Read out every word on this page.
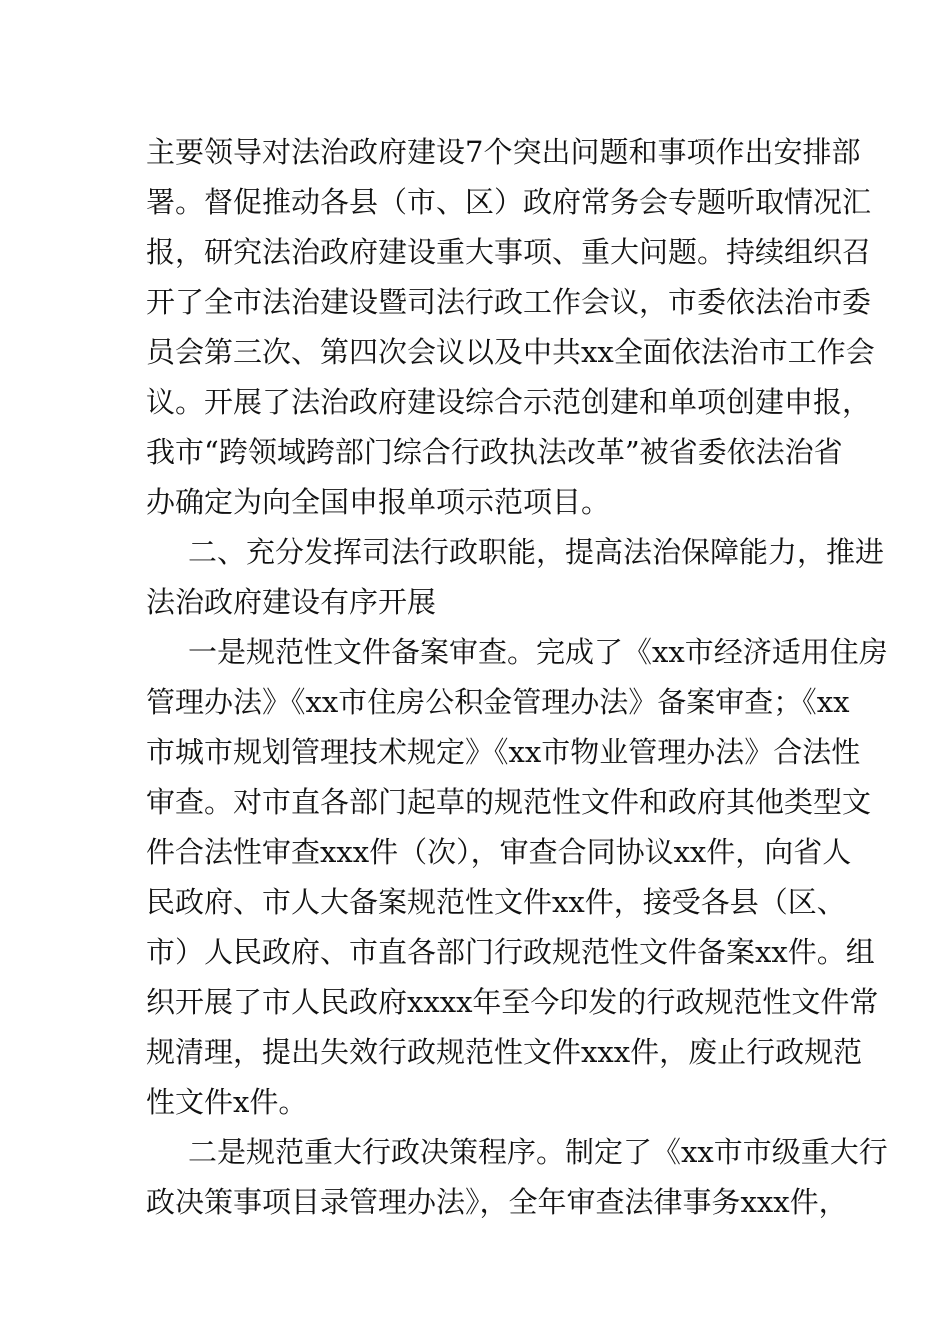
主要领导对法治政府建设7个突出问题和事项作出安排部
署。督促推动各县（市、区）政府常务会专题听取情况汇
报，研究法治政府建设重大事项、重大问题。持续组织召
开了全市法治建设暨司法行政工作会议，市委依法治市委
员会第三次、第四次会议以及中共xx全面依法治市工作会
议。开展了法治政府建设综合示范创建和单项创建申报，
我市“跨领域跨部门综合行政执法改革”被省委依法治省
办确定为向全国申报单项示范项目。
二、充分发挥司法行政职能，提高法治保障能力，推进
法治政府建设有序开展
一是规范性文件备案审查。完成了《xx市经济适用住房
管理办法》《xx市住房公积金管理办法》备案审查；《xx
市城市规划管理技术规定》《xx市物业管理办法》合法性
审查。对市直各部门起草的规范性文件和政府其他类型文
件合法性审查xxx件（次），审查合同协议xx件，向省人
民政府、市人大备案规范性文件xx件，接受各县（区、
市）人民政府、市直各部门行政规范性文件备案xx件。组
织开展了市人民政府xxxx年至今印发的行政规范性文件常
规清理，提出失效行政规范性文件xxx件，废止行政规范
性文件x件。
二是规范重大行政决策程序。制定了《xx市市级重大行
政决策事项目录管理办法》，全年审查法律事务xxx件，
